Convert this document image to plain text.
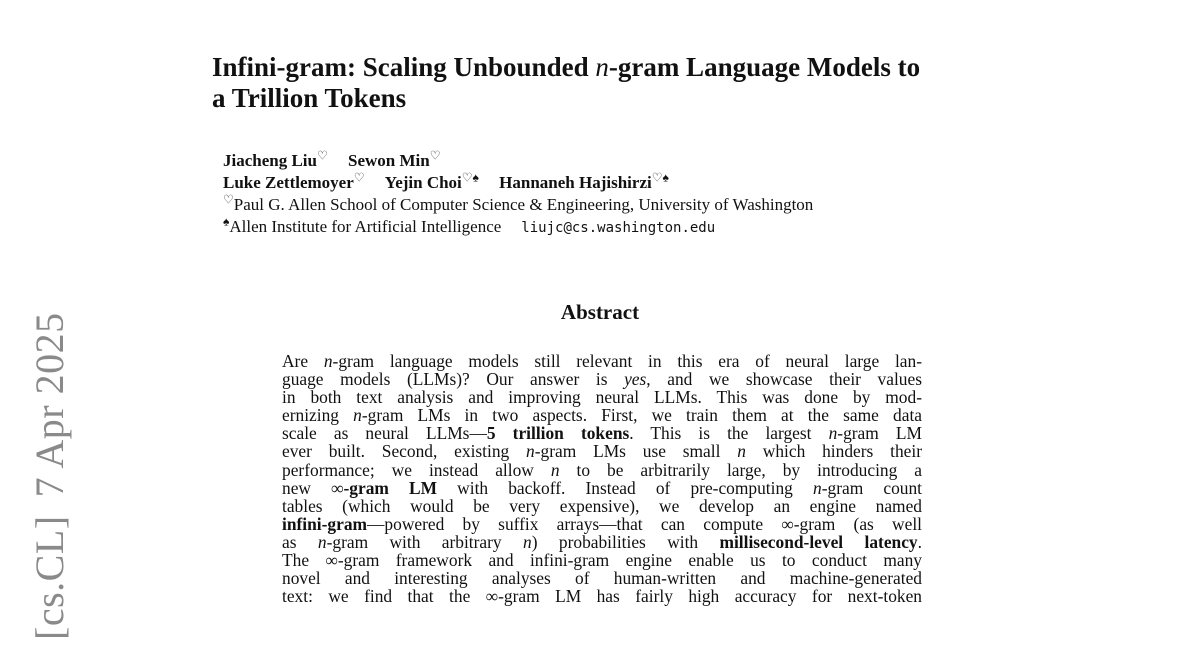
[cs.CL]7 Apr 2025
Infini-gram: Scaling Unbounded n-gram Language Models to
a Trillion Tokens
Jiacheng Liu♡ Sewon Min♡
Luke Zettlemoyer♡ Yejin Choi♡♠ Hannaneh Hajishirzi♡♠
♡Paul G. Allen School of Computer Science & Engineering, University of Washington
♠Allen Institute for Artificial Intelligence liujc@cs.washington.edu
Abstract
Are n-gram language models still relevant in this era of neural large lan-
guage models (LLMs)? Our answer is yes, and we showcase their values
in both text analysis and improving neural LLMs. This was done by mod-
ernizing n-gram LMs in two aspects. First, we train them at the same data
scale as neural LLMs—5 trillion tokens. This is the largest n-gram LM
ever built. Second, existing n-gram LMs use small n which hinders their
performance; we instead allow n to be arbitrarily large, by introducing a
new ∞-gram LM with backoff. Instead of pre-computing n-gram count
tables (which would be very expensive), we develop an engine named
infini-gram—powered by suffix arrays—that can compute ∞-gram (as well
as n-gram with arbitrary n) probabilities with millisecond-level latency.
The ∞-gram framework and infini-gram engine enable us to conduct many
novel and interesting analyses of human-written and machine-generated
text: we find that the ∞-gram LM has fairly high accuracy for next-token
